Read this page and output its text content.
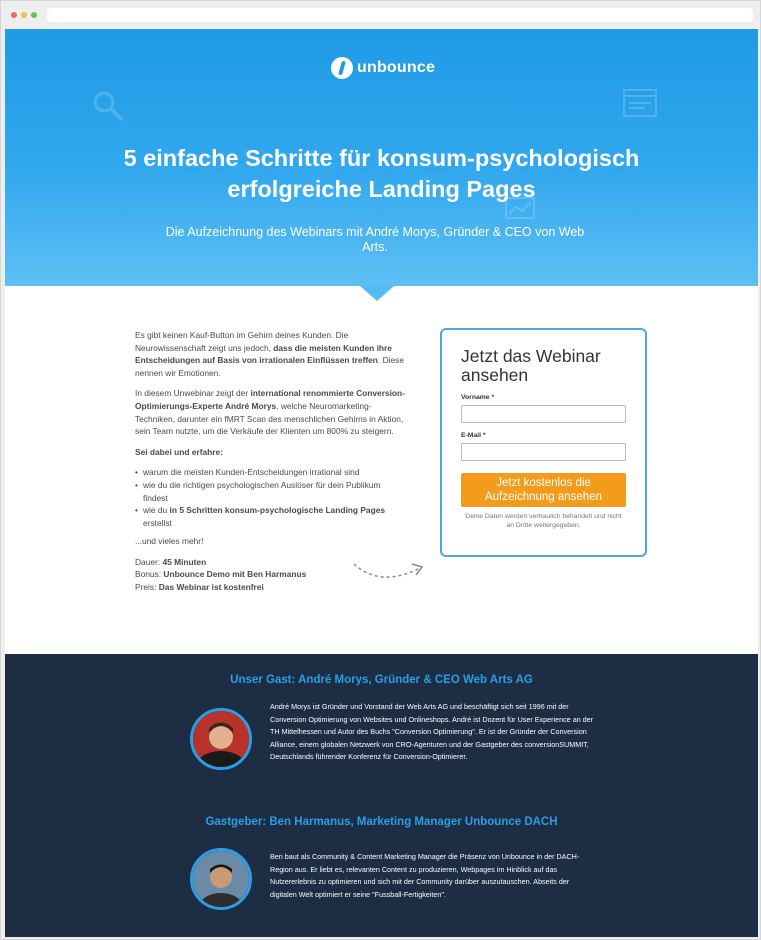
unbounce
5 einfache Schritte für konsum-psychologisch
erfolgreiche Landing Pages
Die Aufzeichnung des Webinars mit André Morys, Gründer & CEO von Web
Arts.

Es gibt keinen Kauf-Button im Gehirn deines Kunden. Die Neurowissenschaft zeigt uns jedoch, dass die meisten Kunden ihre Entscheidungen auf Basis von irrationalen Einflüssen treffen. Diese nennen wir Emotionen.

In diesem Unwebinar zeigt der international renommierte Conversion-Optimierungs-Experte André Morys, welche Neuromarketing-Techniken, darunter ein fMRT Scan des menschlichen Gehirns in Aktion, sein Team nutzte, um die Verkäufe der Klienten um 800% zu steigern.

Sei dabei und erfahre:

• warum die meisten Kunden-Entscheidungen irrational sind
• wie du die richtigen psychologischen Auslöser für dein Publikum findest
• wie du in 5 Schritten konsum-psychologische Landing Pages erstellst

...und vieles mehr!

Dauer: 45 Minuten
Bonus: Unbounce Demo mit Ben Harmanus
Preis: Das Webinar ist kostenfrei
Jetzt das Webinar ansehen
Vorname *
E-Mail *
Jetzt kostenlos die Aufzeichnung ansehen
Deine Daten werden vertraulich behandelt und nicht an Dritte weitergegeben.
Unser Gast: André Morys, Gründer & CEO Web Arts AG
André Morys ist Gründer und Vorstand der Web Arts AG und beschäftigt sich seit 1996 mit der Conversion Optimierung von Websites und Onlineshops. André ist Dozent für User Experience an der TH Mittelhessen und Autor des Buchs "Conversion Optimierung". Er ist der Gründer der Conversion Alliance, einem globalen Netzwerk von CRO-Agenturen und der Gastgeber des conversionSUMMIT, Deutschlands führender Konferenz für Conversion-Optimierer.
Gastgeber: Ben Harmanus, Marketing Manager Unbounce DACH
Ben baut als Community & Content Marketing Manager die Präsenz von Unbounce in der DACH-Region aus. Er liebt es, relevanten Content zu produzieren, Webpages im Hinblick auf das Nutzererlebnis zu optimieren und sich mit der Community darüber auszutauschen. Abseits der digitalen Welt optimiert er seine "Fussball-Fertigkeiten".
